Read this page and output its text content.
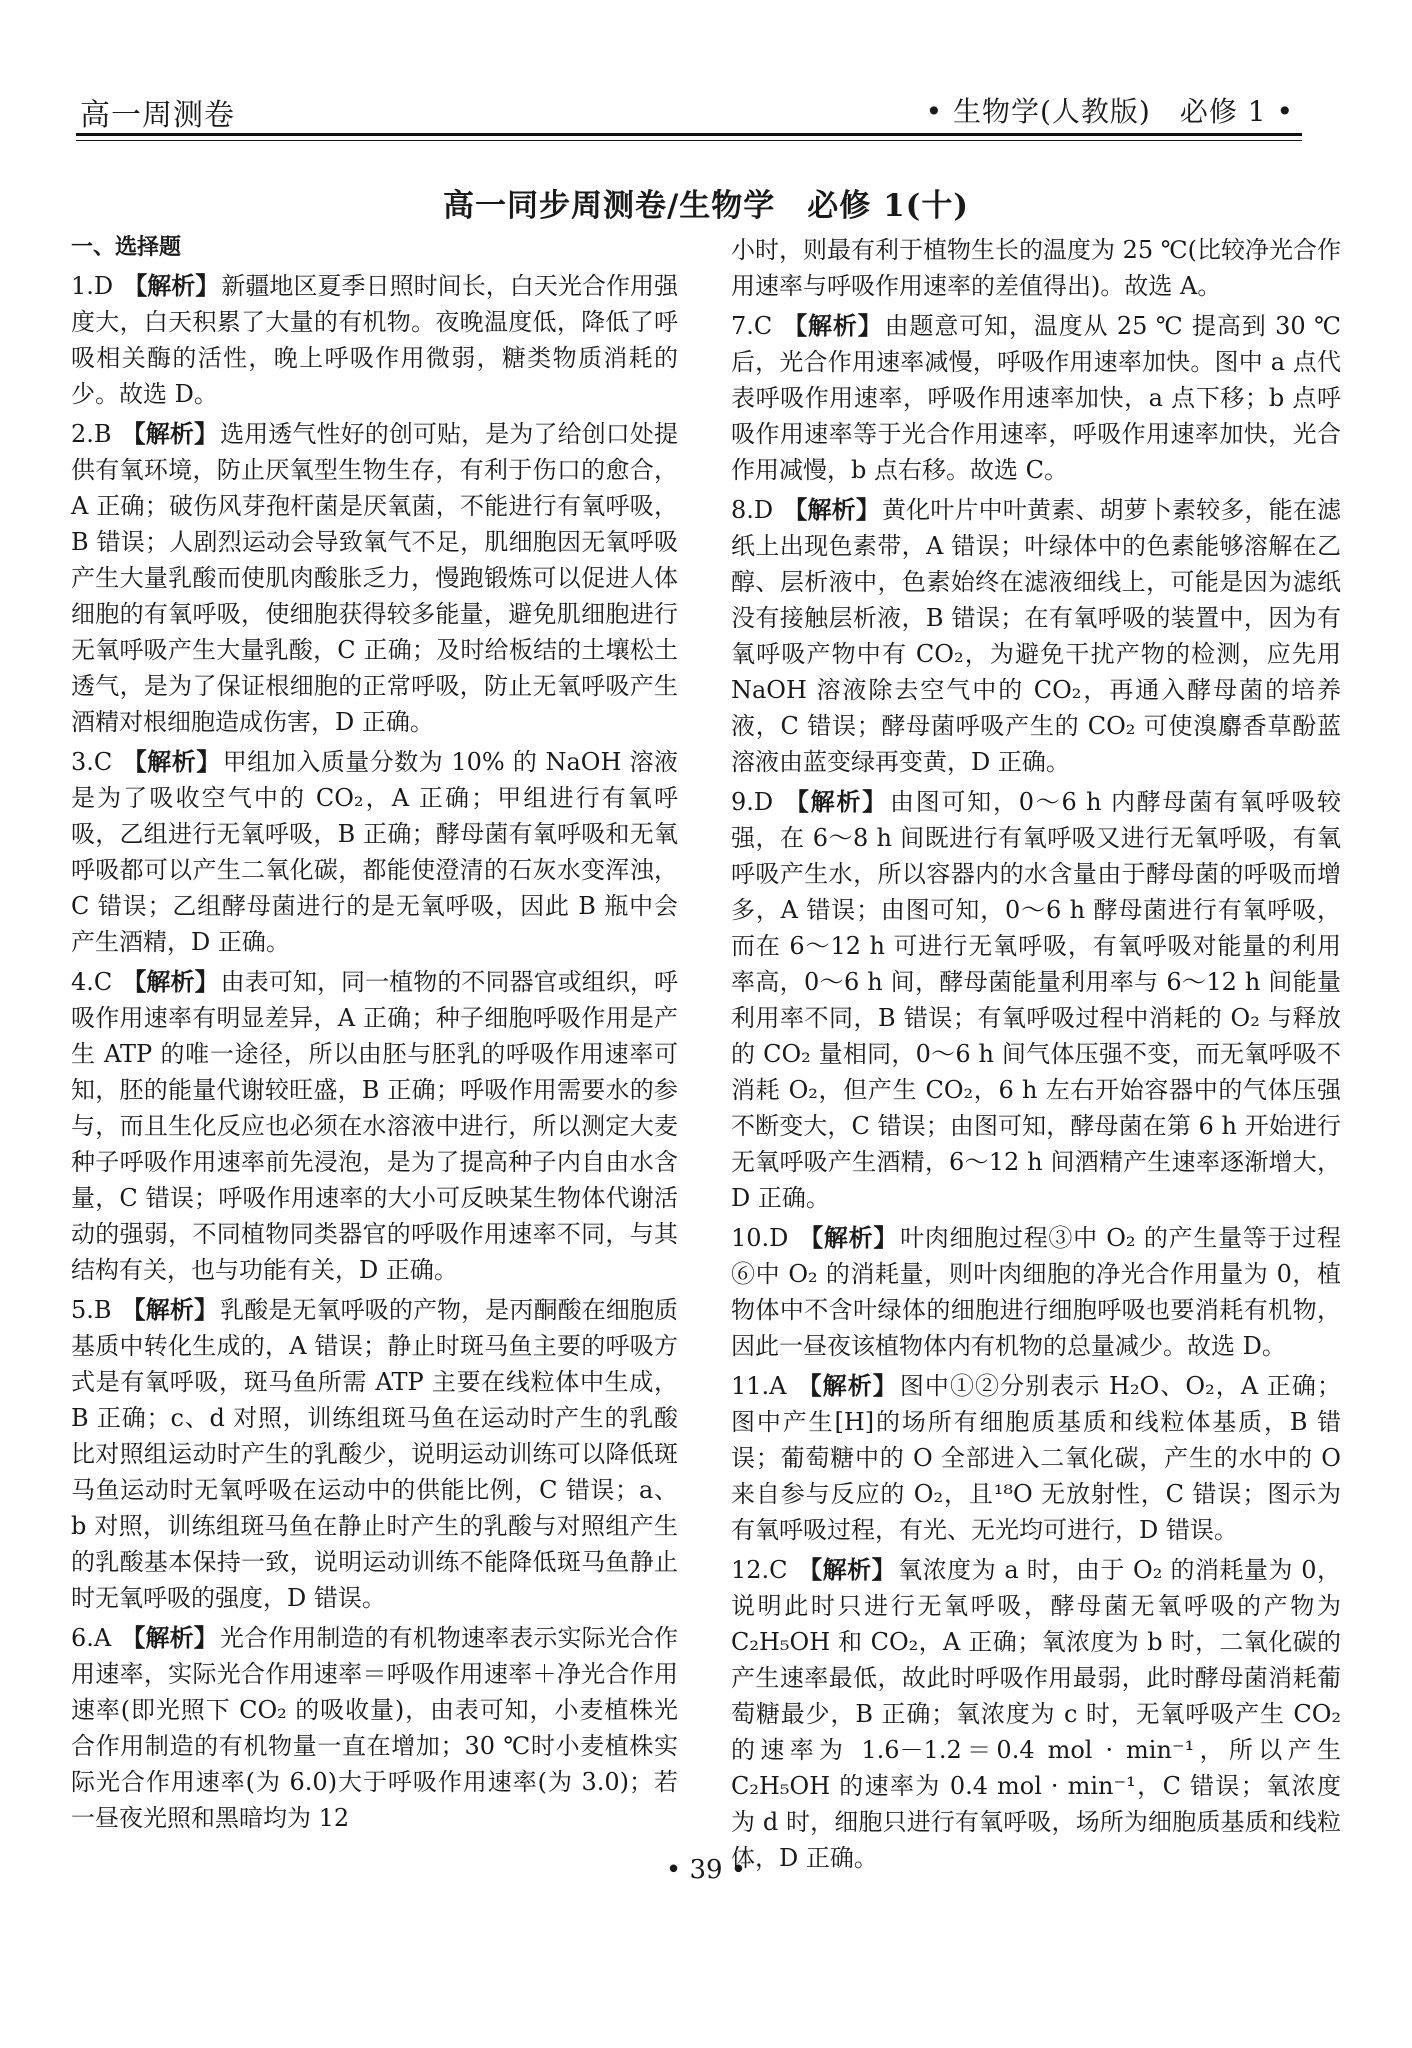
高一周测卷	• 生物学(人教版)　必修 1 •
高一同步周测卷/生物学　必修 1(十)
一、选择题
1.D 【解析】新疆地区夏季日照时间长，白天光合作用强度大，白天积累了大量的有机物。夜晚温度低，降低了呼吸相关酶的活性，晚上呼吸作用微弱，糖类物质消耗的少。故选 D。
2.B 【解析】选用透气性好的创可贴，是为了给创口处提供有氧环境，防止厌氧型生物生存，有利于伤口的愈合，A 正确；破伤风芽孢杆菌是厌氧菌，不能进行有氧呼吸，B 错误；人剧烈运动会导致氧气不足，肌细胞因无氧呼吸产生大量乳酸而使肌肉酸胀乏力，慢跑锻炼可以促进人体细胞的有氧呼吸，使细胞获得较多能量，避免肌细胞进行无氧呼吸产生大量乳酸，C 正确；及时给板结的土壤松土透气，是为了保证根细胞的正常呼吸，防止无氧呼吸产生酒精对根细胞造成伤害，D 正确。
3.C 【解析】甲组加入质量分数为 10% 的 NaOH 溶液是为了吸收空气中的 CO₂，A 正确；甲组进行有氧呼吸，乙组进行无氧呼吸，B 正确；酵母菌有氧呼吸和无氧呼吸都可以产生二氧化碳，都能使澄清的石灰水变浑浊，C 错误；乙组酵母菌进行的是无氧呼吸，因此 B 瓶中会产生酒精，D 正确。
4.C 【解析】由表可知，同一植物的不同器官或组织，呼吸作用速率有明显差异，A 正确；种子细胞呼吸作用是产生 ATP 的唯一途径，所以由胚与胚乳的呼吸作用速率可知，胚的能量代谢较旺盛，B 正确；呼吸作用需要水的参与，而且生化反应也必须在水溶液中进行，所以测定大麦种子呼吸作用速率前先浸泡，是为了提高种子内自由水含量，C 错误；呼吸作用速率的大小可反映某生物体代谢活动的强弱，不同植物同类器官的呼吸作用速率不同，与其结构有关，也与功能有关，D 正确。
5.B 【解析】乳酸是无氧呼吸的产物，是丙酮酸在细胞质基质中转化生成的，A 错误；静止时斑马鱼主要的呼吸方式是有氧呼吸，斑马鱼所需 ATP 主要在线粒体中生成，B 正确；c、d 对照，训练组斑马鱼在运动时产生的乳酸比对照组运动时产生的乳酸少，说明运动训练可以降低斑马鱼运动时无氧呼吸在运动中的供能比例，C 错误；a、b 对照，训练组斑马鱼在静止时产生的乳酸与对照组产生的乳酸基本保持一致，说明运动训练不能降低斑马鱼静止时无氧呼吸的强度，D 错误。
6.A 【解析】光合作用制造的有机物速率表示实际光合作用速率，实际光合作用速率＝呼吸作用速率＋净光合作用速率(即光照下 CO₂ 的吸收量)，由表可知，小麦植株光合作用制造的有机物量一直在增加；30 ℃时小麦植株实际光合作用速率(为 6.0)大于呼吸作用速率(为 3.0)；若一昼夜光照和黑暗均为 12
小时，则最有利于植物生长的温度为 25 ℃(比较净光合作用速率与呼吸作用速率的差值得出)。故选 A。
7.C 【解析】由题意可知，温度从 25 ℃ 提高到 30 ℃后，光合作用速率减慢，呼吸作用速率加快。图中 a 点代表呼吸作用速率，呼吸作用速率加快，a 点下移；b 点呼吸作用速率等于光合作用速率，呼吸作用速率加快，光合作用减慢，b 点右移。故选 C。
8.D 【解析】黄化叶片中叶黄素、胡萝卜素较多，能在滤纸上出现色素带，A 错误；叶绿体中的色素能够溶解在乙醇、层析液中，色素始终在滤液细线上，可能是因为滤纸没有接触层析液，B 错误；在有氧呼吸的装置中，因为有氧呼吸产物中有 CO₂，为避免干扰产物的检测，应先用 NaOH 溶液除去空气中的 CO₂，再通入酵母菌的培养液，C 错误；酵母菌呼吸产生的 CO₂ 可使溴麝香草酚蓝溶液由蓝变绿再变黄，D 正确。
9.D 【解析】由图可知，0～6 h 内酵母菌有氧呼吸较强，在 6～8 h 间既进行有氧呼吸又进行无氧呼吸，有氧呼吸产生水，所以容器内的水含量由于酵母菌的呼吸而增多，A 错误；由图可知，0～6 h 酵母菌进行有氧呼吸，而在 6～12 h 可进行无氧呼吸，有氧呼吸对能量的利用率高，0～6 h 间，酵母菌能量利用率与 6～12 h 间能量利用率不同，B 错误；有氧呼吸过程中消耗的 O₂ 与释放的 CO₂ 量相同，0～6 h 间气体压强不变，而无氧呼吸不消耗 O₂，但产生 CO₂，6 h 左右开始容器中的气体压强不断变大，C 错误；由图可知，酵母菌在第 6 h 开始进行无氧呼吸产生酒精，6～12 h 间酒精产生速率逐渐增大，D 正确。
10.D 【解析】叶肉细胞过程③中 O₂ 的产生量等于过程⑥中 O₂ 的消耗量，则叶肉细胞的净光合作用量为 0，植物体中不含叶绿体的细胞进行细胞呼吸也要消耗有机物，因此一昼夜该植物体内有机物的总量减少。故选 D。
11.A 【解析】图中①②分别表示 H₂O、O₂，A 正确；图中产生[H]的场所有细胞质基质和线粒体基质，B 错误；葡萄糖中的 O 全部进入二氧化碳，产生的水中的 O 来自参与反应的 O₂，且¹⁸O 无放射性，C 错误；图示为有氧呼吸过程，有光、无光均可进行，D 错误。
12.C 【解析】氧浓度为 a 时，由于 O₂ 的消耗量为 0，说明此时只进行无氧呼吸，酵母菌无氧呼吸的产物为 C₂H₅OH 和 CO₂，A 正确；氧浓度为 b 时，二氧化碳的产生速率最低，故此时呼吸作用最弱，此时酵母菌消耗葡萄糖最少，B 正确；氧浓度为 c 时，无氧呼吸产生 CO₂ 的速率为 1.6－1.2＝0.4 mol · min⁻¹，所以产生 C₂H₅OH 的速率为 0.4 mol · min⁻¹，C 错误；氧浓度为 d 时，细胞只进行有氧呼吸，场所为细胞质基质和线粒体，D 正确。
• 39 •
